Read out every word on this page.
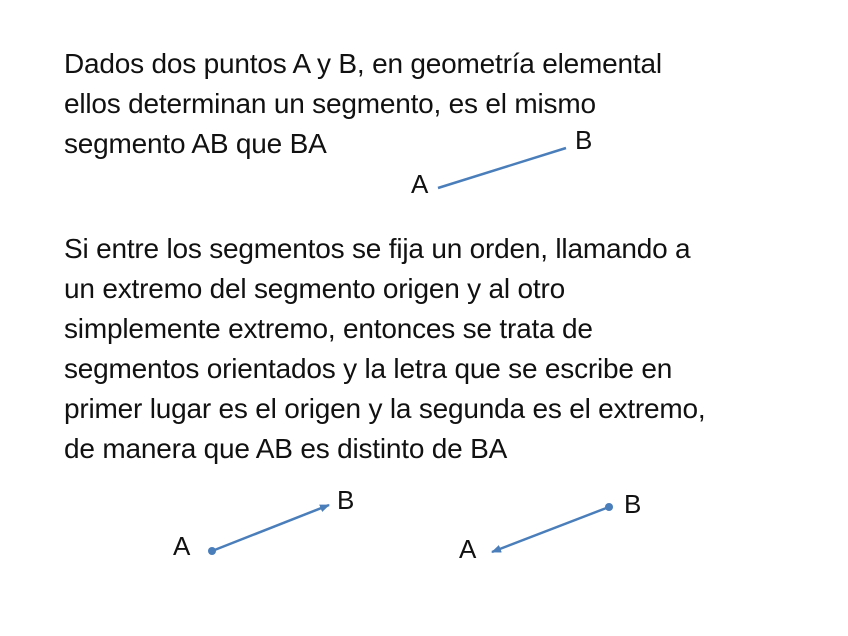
Dados dos puntos A y B, en geometría elemental
ellos determinan un segmento, es el mismo
segmento AB que BA
Si entre los segmentos se fija un orden, llamando a
un extremo del segmento origen y al otro
simplemente extremo, entonces se trata de
segmentos orientados y la letra que se escribe en
primer lugar es el origen y la segunda es el extremo,
de manera que AB es distinto de BA
A
B
A
B
A
B
